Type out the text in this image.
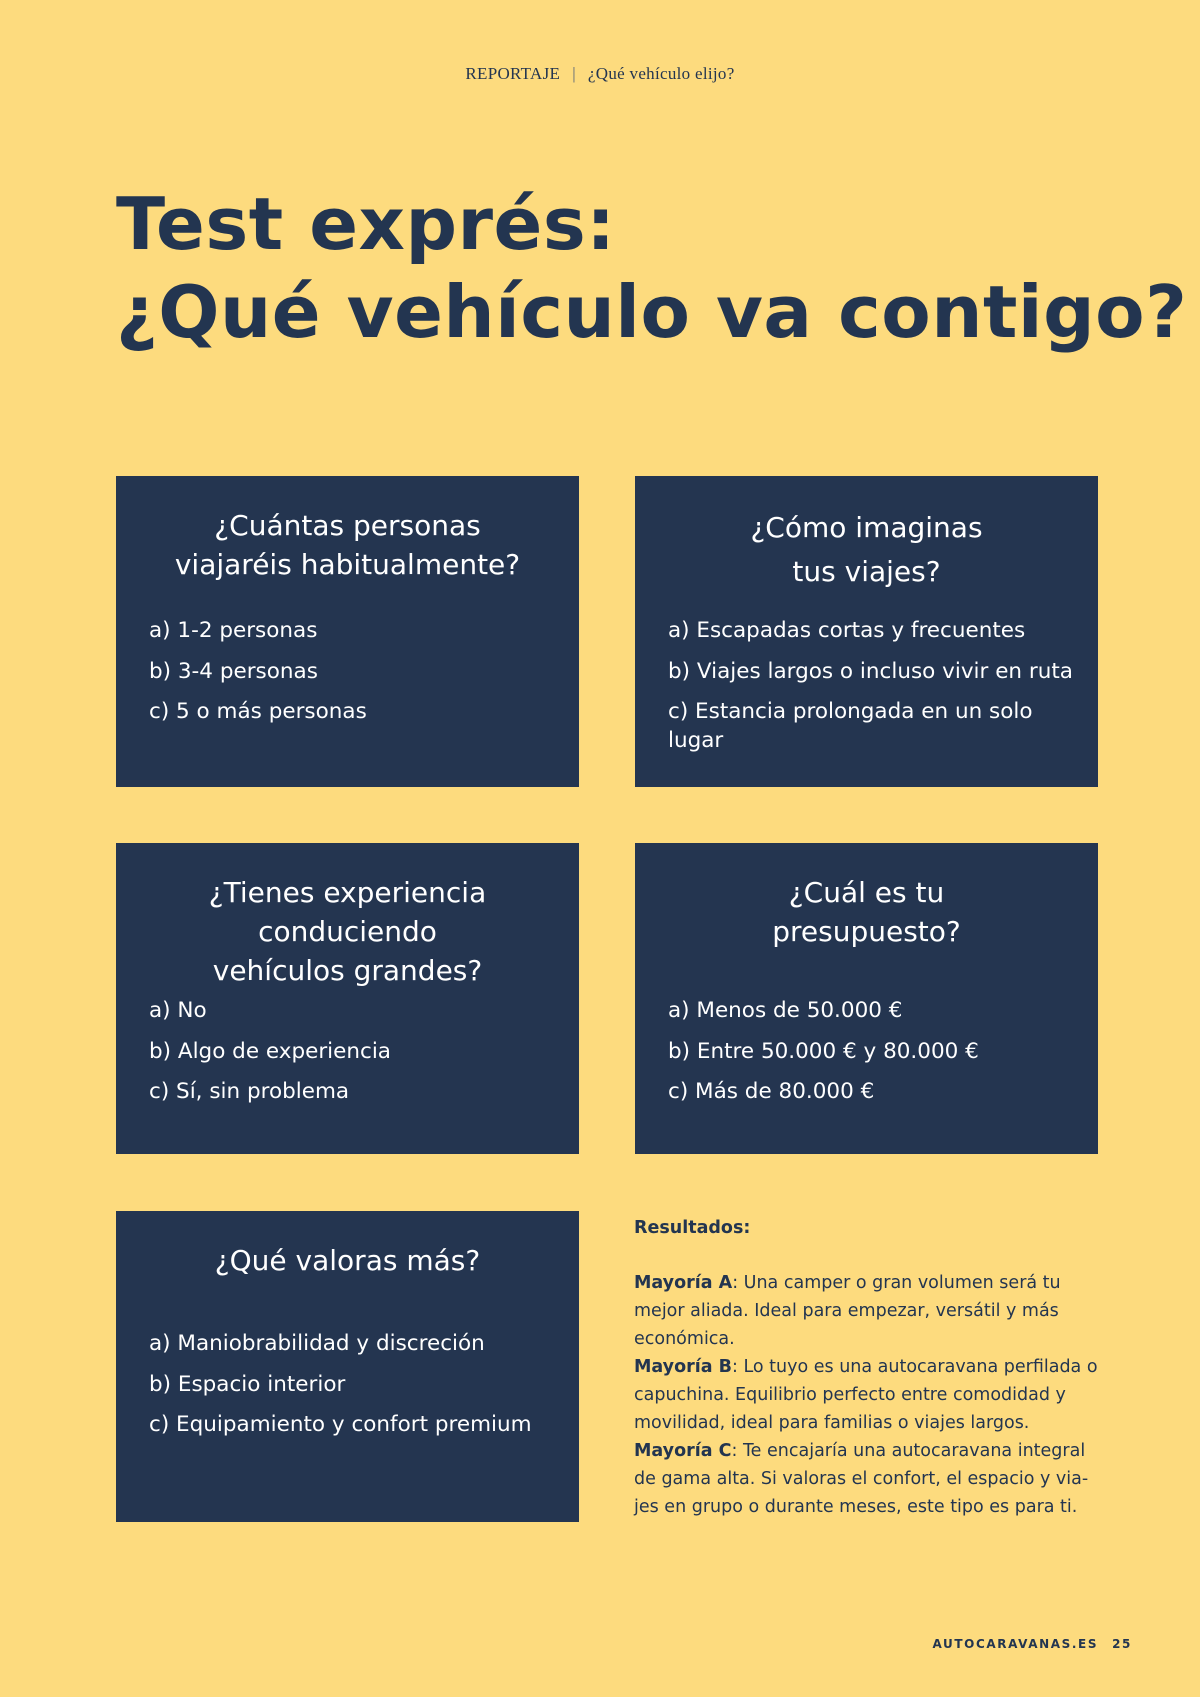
REPORTAJE | ¿Qué vehículo elijo?
Test exprés:
¿Qué vehículo va contigo?
¿Cuántas personas
viajaréis habitualmente?
a) 1-2 personas
b) 3-4 personas
c) 5 o más personas
¿Cómo imaginas
tus viajes?
a) Escapadas cortas y frecuentes
b) Viajes largos o incluso vivir en ruta
c) Estancia prolongada en un solo lugar
¿Tienes experiencia
conduciendo
vehículos grandes?
a) No
b) Algo de experiencia
c) Sí, sin problema
¿Cuál es tu
presupuesto?
a) Menos de 50.000 €
b) Entre 50.000 € y 80.000 €
c) Más de 80.000 €
¿Qué valoras más?
a) Maniobrabilidad y discreción
b) Espacio interior
c) Equipamiento y confort premium
Resultados:

Mayoría A: Una camper o gran volumen será tu mejor aliada. Ideal para empezar, versátil y más económica.

Mayoría B: Lo tuyo es una autocaravana perfilada o capuchina. Equilibrio perfecto entre comodidad y movilidad, ideal para familias o viajes largos.

Mayoría C: Te encajaría una autocaravana integral de gama alta. Si valoras el confort, el espacio y via-jes en grupo o durante meses, este tipo es para ti.

AUTOCARAVANAS.ES 25
